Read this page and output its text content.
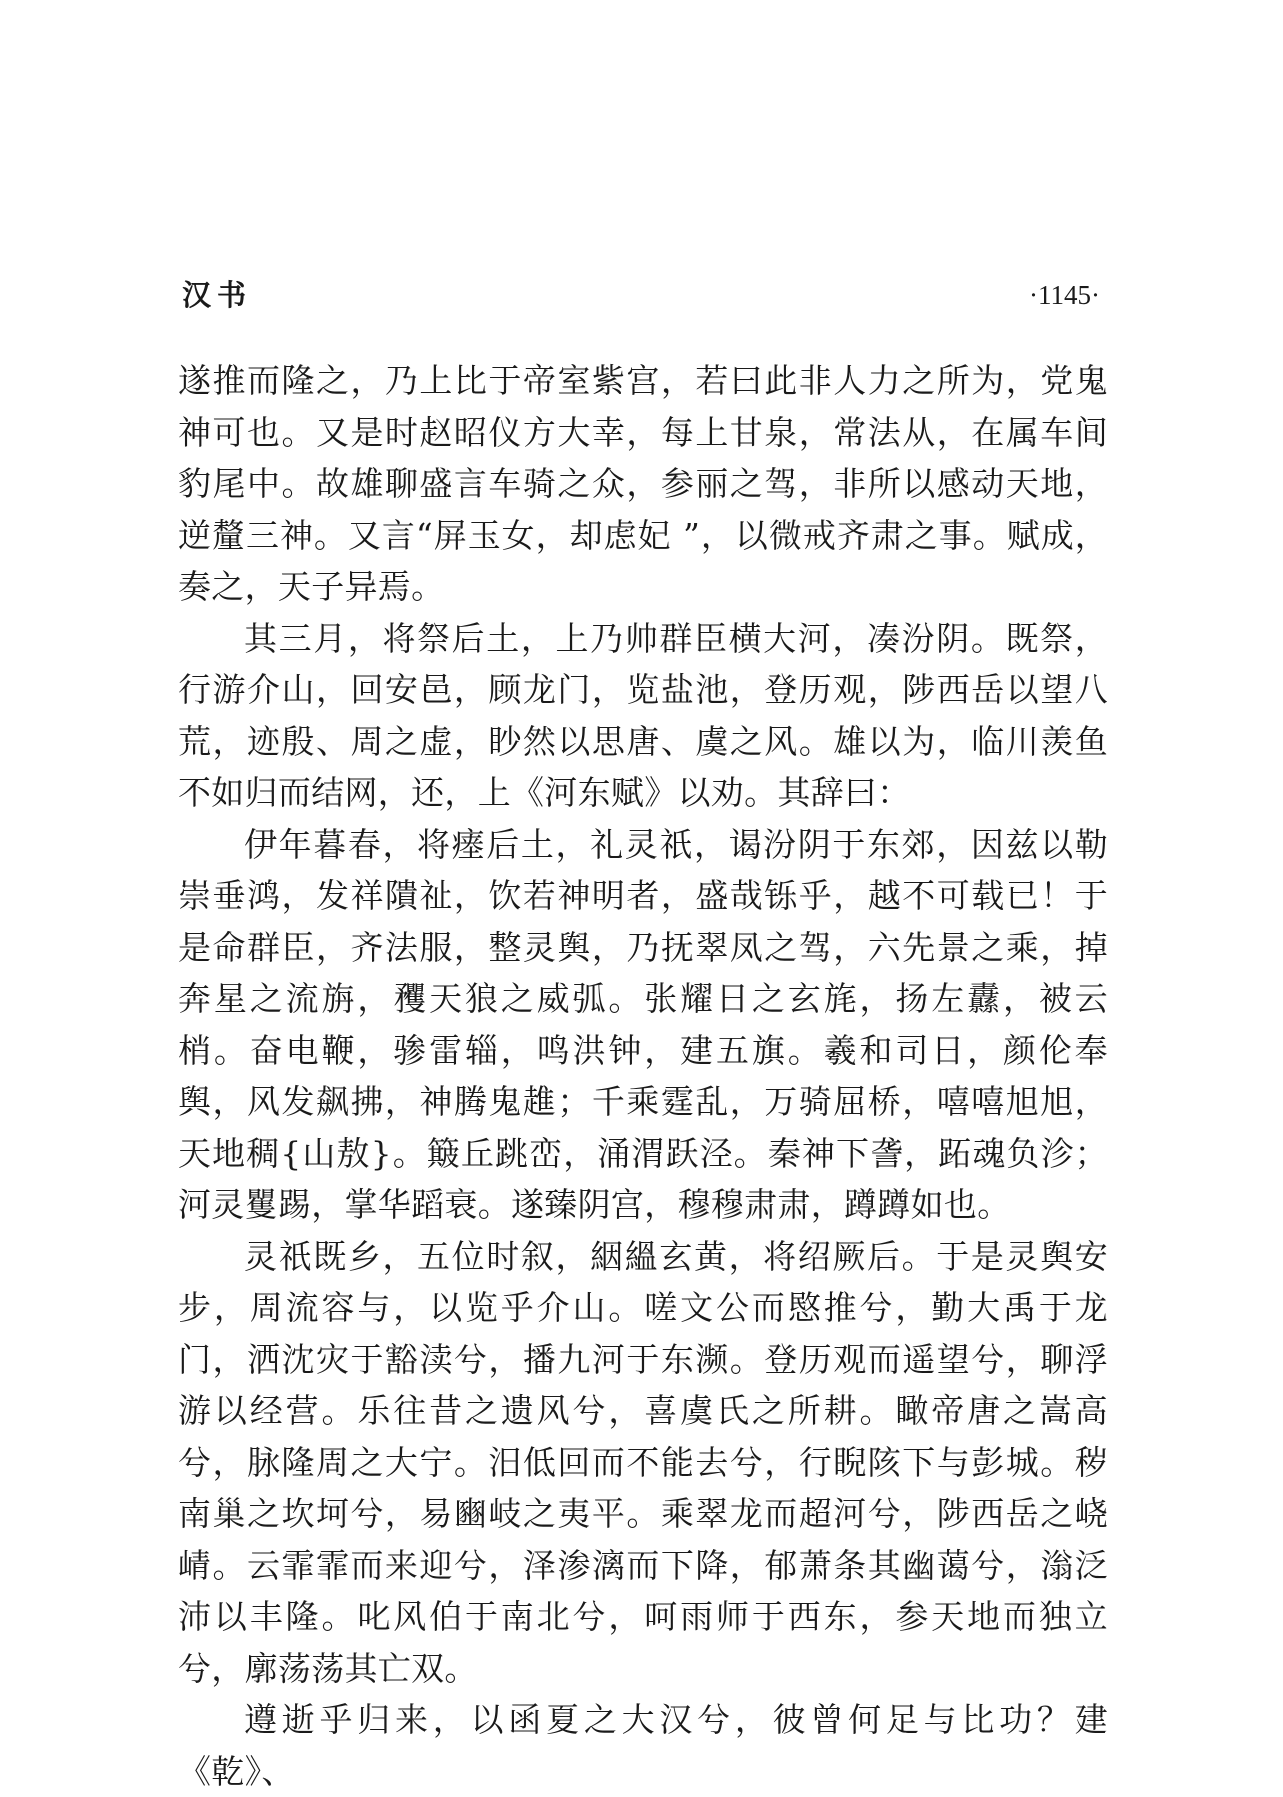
汉书	·1145·

遂推而隆之，乃上比于帝室紫宫，若曰此非人力之所为，党鬼神可也。又是时赵昭仪方大幸，每上甘泉，常法从，在属车间豹尾中。故雄聊盛言车骑之众，参丽之驾，非所以感动天地，逆釐三神。又言“屏玉女，却虑妃 ”，以微戒齐肃之事。赋成，奏之，天子异焉。

其三月，将祭后土，上乃帅群臣横大河，凑汾阴。既祭，行游介山，回安邑，顾龙门，览盐池，登历观，陟西岳以望八荒，迹殷、周之虚，眇然以思唐、虞之风。雄以为，临川羡鱼不如归而结网，还，上《河东赋》以劝。其辞曰：

伊年暮春，将瘗后土，礼灵祇，谒汾阴于东郊，因兹以勒崇垂鸿，发祥隤祉，饮若神明者，盛哉铄乎，越不可载已！于是命群臣，齐法服，整灵舆，乃抚翠凤之驾，六先景之乘，掉奔星之流旃，矡天狼之威弧。张耀日之玄旄，扬左纛，被云梢。奋电鞭，骖雷辎，鸣洪钟，建五旗。羲和司日，颜伦奉舆，风发飙拂，神腾鬼趡；千乘霆乱，万骑屈桥，嘻嘻旭旭，天地稠{山敖}。簸丘跳峦，涌渭跃泾。秦神下詟，跖魂负沴；河灵矍踢，掌华蹈衰。遂臻阴宫，穆穆肃肃，蹲蹲如也。

灵祇既乡，五位时叙，絪縕玄黄，将绍厥后。于是灵舆安步，周流容与，以览乎介山。嗟文公而愍推兮，勤大禹于龙门，洒沈灾于豁渎兮，播九河于东濒。登历观而遥望兮，聊浮游以经营。乐往昔之遗风兮，喜虞氏之所耕。瞰帝唐之嵩高兮，脉隆周之大宁。汨低回而不能去兮，行睨陔下与彭城。秽南巢之坎坷兮，易豳岐之夷平。乘翠龙而超河兮，陟西岳之峣崝。云霏霏而来迎兮，泽渗漓而下降，郁萧条其幽蔼兮，滃泛沛以丰隆。叱风伯于南北兮，呵雨师于西东，参天地而独立兮，廓荡荡其亡双。

遵逝乎归来，以函夏之大汉兮，彼曾何足与比功？建《乾》、
